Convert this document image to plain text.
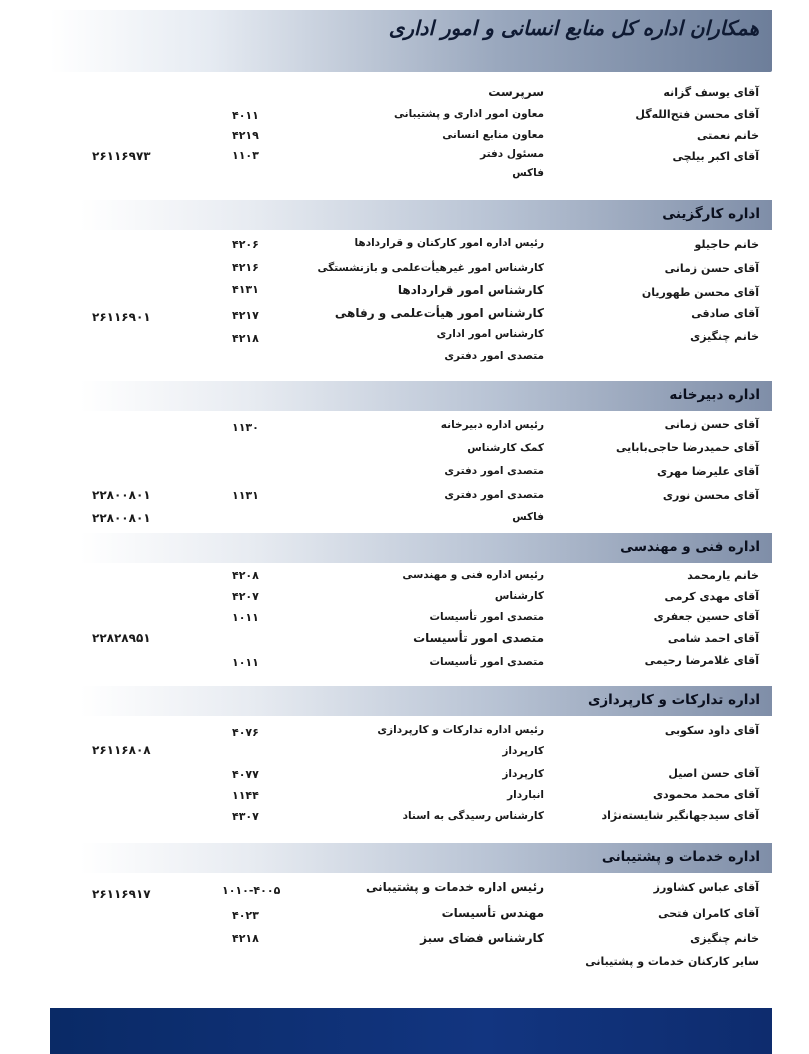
همکاران اداره کل منابع انسانی و امور اداری
آقای یوسف گزانه
آقای محسن فتح‌الله‌گل
خانم نعمتی
آقای اکبر بیلچی
سرپرست
معاون امور اداری و پشتیبانی
معاون منابع انسانی
مسئول دفتر
فاکس
۴۰۱۱
۴۲۱۹
۱۱۰۳
۲۶۱۱۶۹۷۳
اداره کارگزینی
خانم حاجیلو
آقای حسن زمانی
آقای محسن طهوریان
آقای صادقی
خانم چنگیزی
رئیس اداره امور کارکنان و قراردادها
کارشناس امور غیرهیأت‌علمی و بازنشستگی
کارشناس امور قراردادها
کارشناس امور هیأت‌علمی و رفاهی
کارشناس امور اداری
متصدی امور دفتری
۴۲۰۶
۴۲۱۶
۴۱۳۱
۴۲۱۷
۴۲۱۸
۲۶۱۱۶۹۰۱
اداره دبیرخانه
آقای حسن زمانی
آقای حمیدرضا حاجی‌بابایی
آقای علیرضا مهری
آقای محسن نوری
رئیس اداره دبیرخانه
کمک کارشناس
متصدی امور دفتری
متصدی امور دفتری
فاکس
۱۱۳۰
۱۱۳۱
۲۲۸۰۰۸۰۱
۲۲۸۰۰۸۰۱
اداره فنی و مهندسی
خانم یارمحمد
آقای مهدی کرمی
آقای حسین جعفری
آقای احمد شامی
آقای غلامرضا رحیمی
رئیس اداره فنی و مهندسی
کارشناس
متصدی امور تأسیسات
متصدی امور تأسیسات
متصدی امور تأسیسات
۴۲۰۸
۴۲۰۷
۱۰۱۱
۱۰۱۱
۲۲۸۲۸۹۵۱
اداره تدارکات و کارپردازی
آقای داود سکوبی
آقای حسن اصیل
آقای محمد محمودی
آقای سیدجهانگیر شایسته‌نژاد
رئیس اداره تدارکات و کارپردازی
کارپرداز
کارپرداز
انباردار
کارشناس رسیدگی به اسناد
۴۰۷۶
۴۰۷۷
۱۱۴۴
۴۳۰۷
۲۶۱۱۶۸۰۸
اداره خدمات و پشتیبانی
آقای عباس کشاورز
آقای کامران فتحی
خانم چنگیزی
سایر کارکنان خدمات و پشتیبانی
رئیس اداره خدمات و پشتیبانی
مهندس تأسیسات
کارشناس فضای سبز
۱۰۱۰-۴۰۰۵
۴۰۲۳
۴۲۱۸
۲۶۱۱۶۹۱۷
